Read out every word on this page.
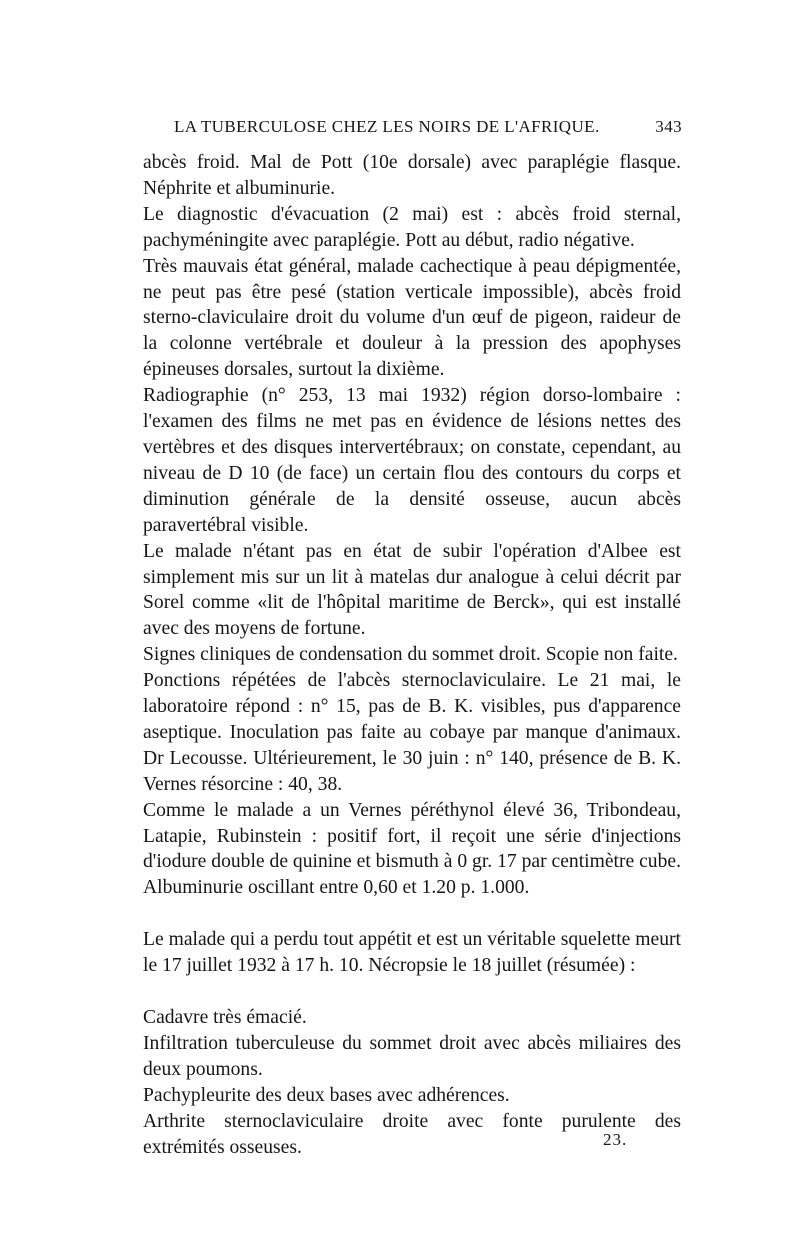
LA TUBERCULOSE CHEZ LES NOIRS DE L'AFRIQUE.	343

abcès froid. Mal de Pott (10e dorsale) avec paraplégie flasque. Néphrite et albuminurie.

Le diagnostic d'évacuation (2 mai) est : abcès froid sternal, pachyméningite avec paraplégie. Pott au début, radio négative.

Très mauvais état général, malade cachectique à peau dépigmentée, ne peut pas être pesé (station verticale impossible), abcès froid sterno-claviculaire droit du volume d'un œuf de pigeon, raideur de la colonne vertébrale et douleur à la pression des apophyses épineuses dorsales, surtout la dixième.

Radiographie (n° 253, 13 mai 1932) région dorso-lombaire : l'examen des films ne met pas en évidence de lésions nettes des vertèbres et des disques intervertébraux; on constate, cependant, au niveau de D 10 (de face) un certain flou des contours du corps et diminution générale de la densité osseuse, aucun abcès paravertébral visible.

Le malade n'étant pas en état de subir l'opération d'Albee est simplement mis sur un lit à matelas dur analogue à celui décrit par Sorel comme «lit de l'hôpital maritime de Berck», qui est installé avec des moyens de fortune.

Signes cliniques de condensation du sommet droit. Scopie non faite.

Ponctions répétées de l'abcès sternoclaviculaire. Le 21 mai, le laboratoire répond : n° 15, pas de B. K. visibles, pus d'apparence aseptique. Inoculation pas faite au cobaye par manque d'animaux. Dr Lecousse. Ultérieurement, le 30 juin : n° 140, présence de B. K. Vernes résorcine : 40, 38.

Comme le malade a un Vernes péréthynol élevé 36, Tribondeau, Latapie, Rubinstein : positif fort, il reçoit une série d'injections d'iodure double de quinine et bismuth à 0 gr. 17 par centimètre cube. Albuminurie oscillant entre 0,60 et 1.20 p. 1.000.

Le malade qui a perdu tout appétit et est un véritable squelette meurt le 17 juillet 1932 à 17 h. 10. Nécropsie le 18 juillet (résumée) :

Cadavre très émacié.

Infiltration tuberculeuse du sommet droit avec abcès miliaires des deux poumons.

Pachypleurite des deux bases avec adhérences.

Arthrite sternoclaviculaire droite avec fonte purulente des extrémités osseuses.	23.
